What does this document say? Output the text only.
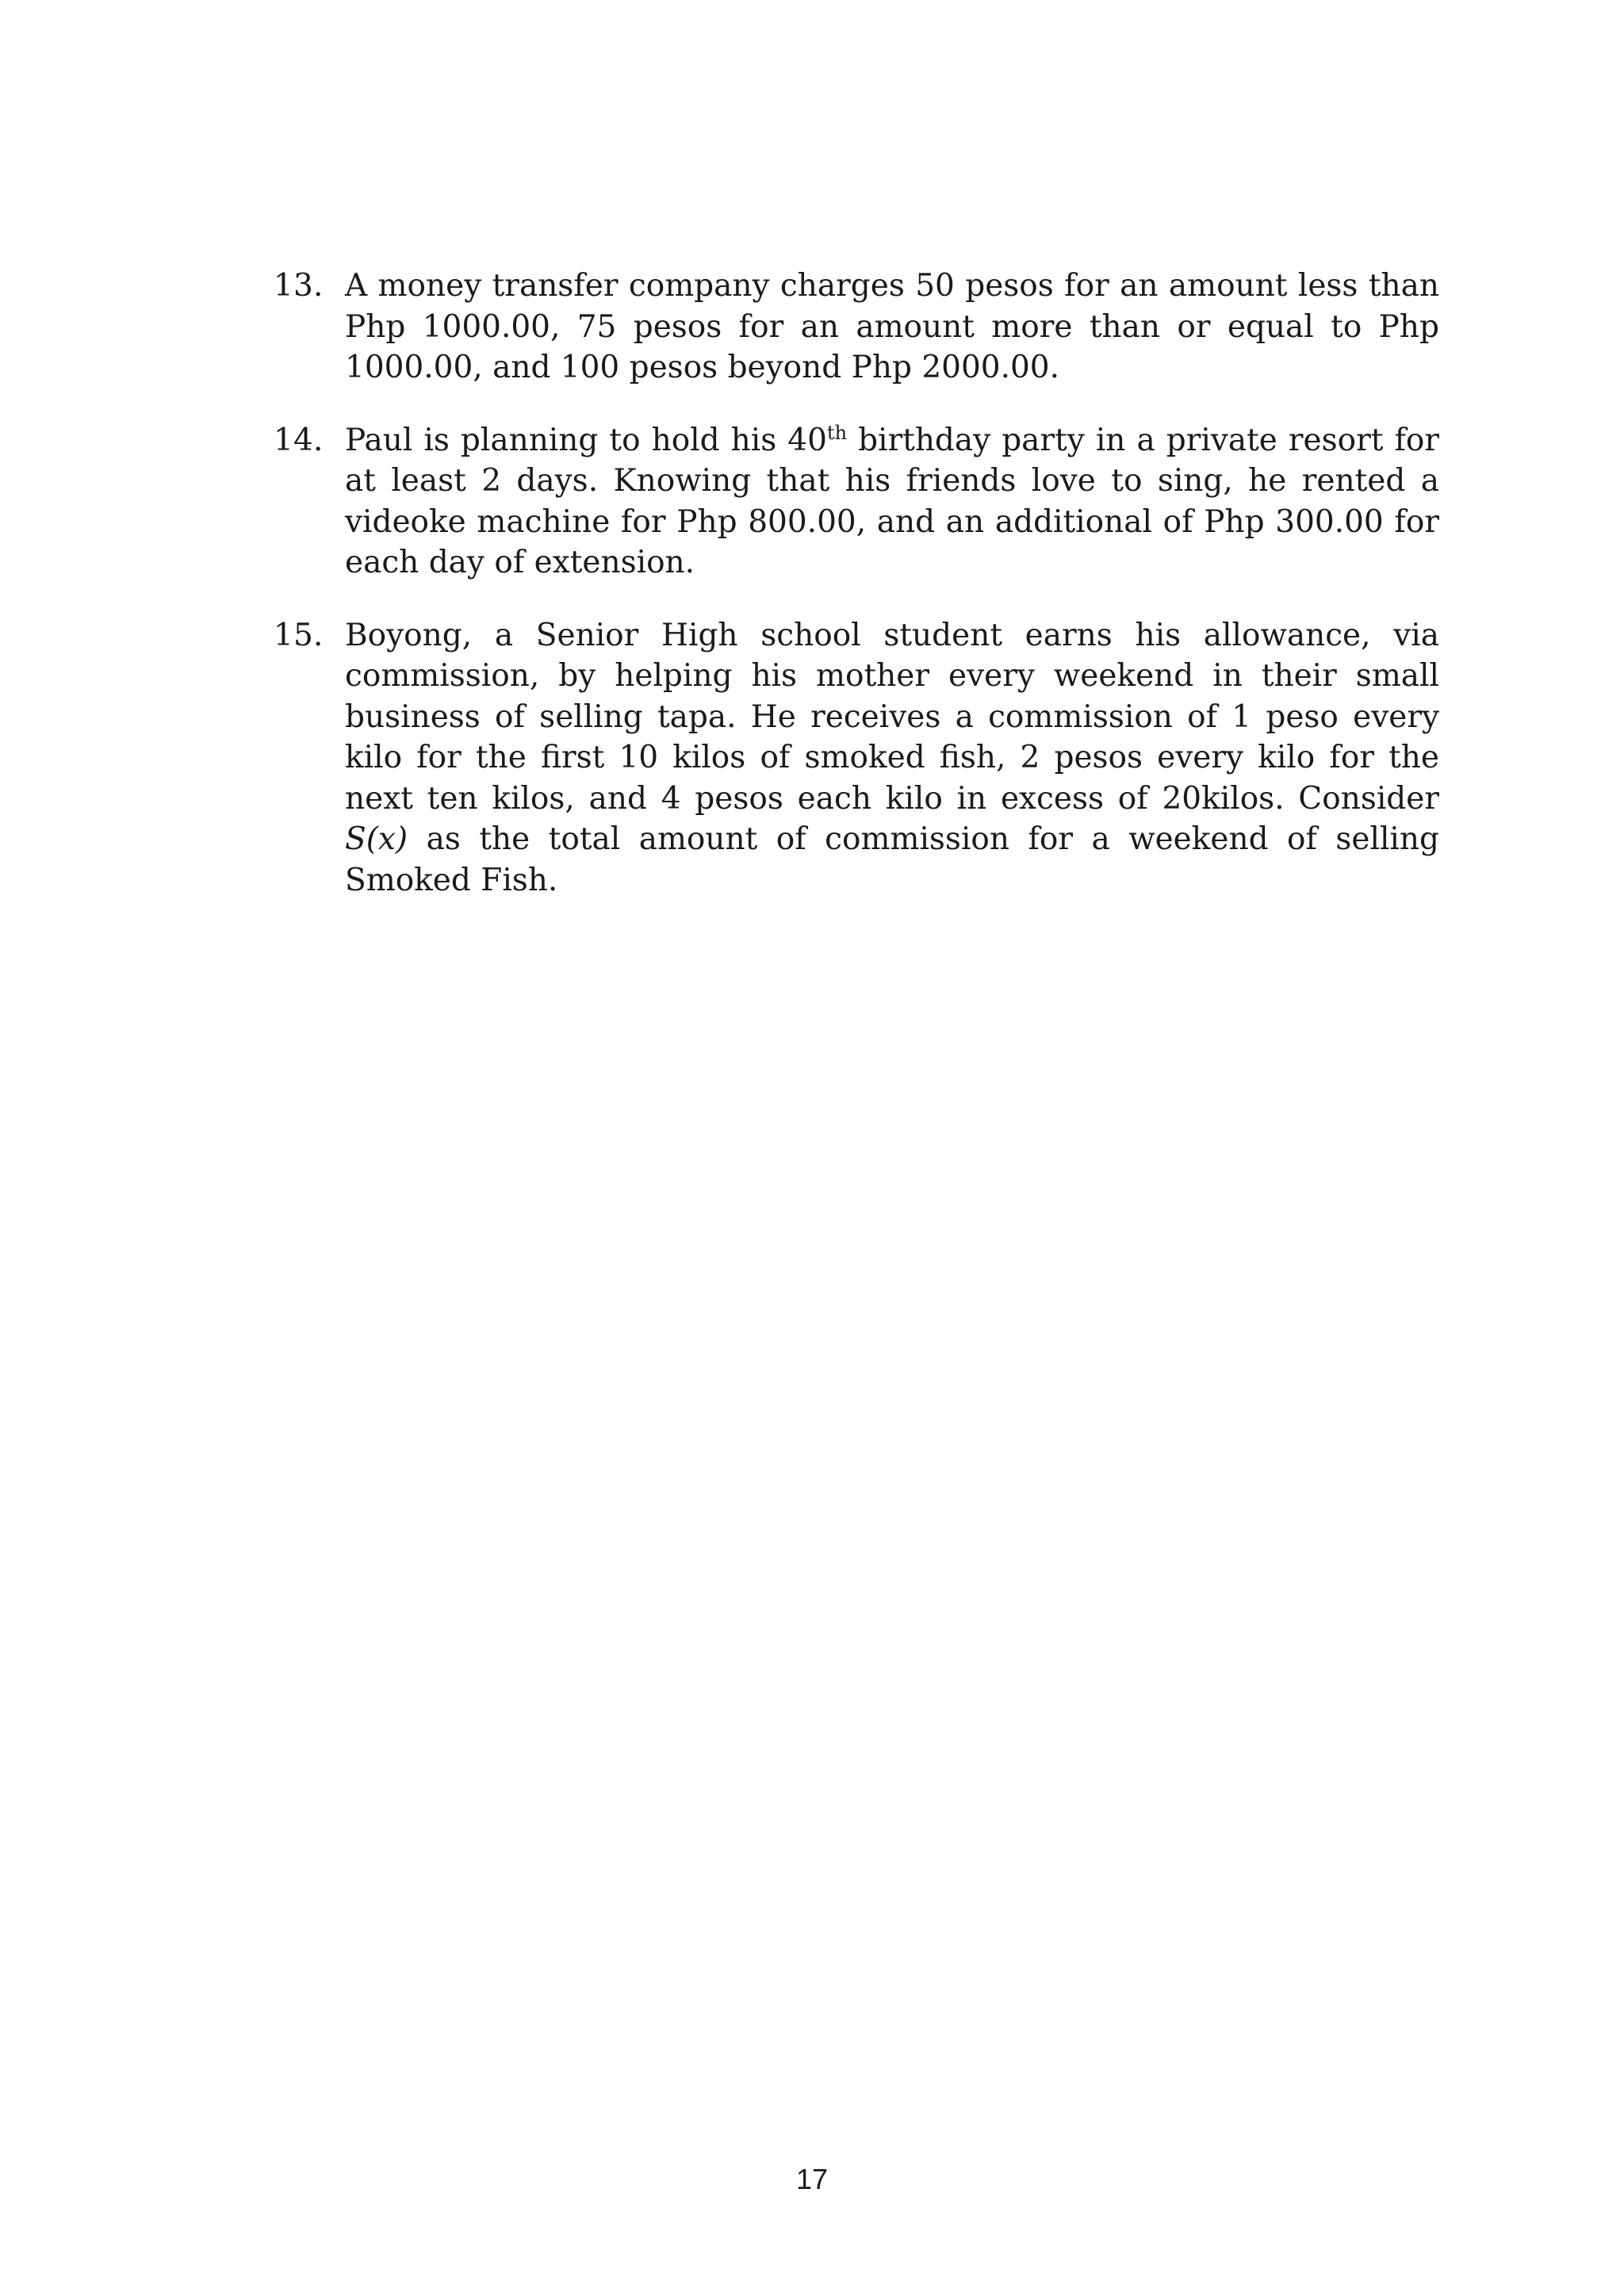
13. A money transfer company charges 50 pesos for an amount less than Php 1000.00, 75 pesos for an amount more than or equal to Php 1000.00, and 100 pesos beyond Php 2000.00.
14. Paul is planning to hold his 40th birthday party in a private resort for at least 2 days. Knowing that his friends love to sing, he rented a videoke machine for Php 800.00, and an additional of Php 300.00 for each day of extension.
15. Boyong, a Senior High school student earns his allowance, via commission, by helping his mother every weekend in their small business of selling tapa. He receives a commission of 1 peso every kilo for the first 10 kilos of smoked fish, 2 pesos every kilo for the next ten kilos, and 4 pesos each kilo in excess of 20kilos. Consider S(x) as the total amount of commission for a weekend of selling Smoked Fish.
17
